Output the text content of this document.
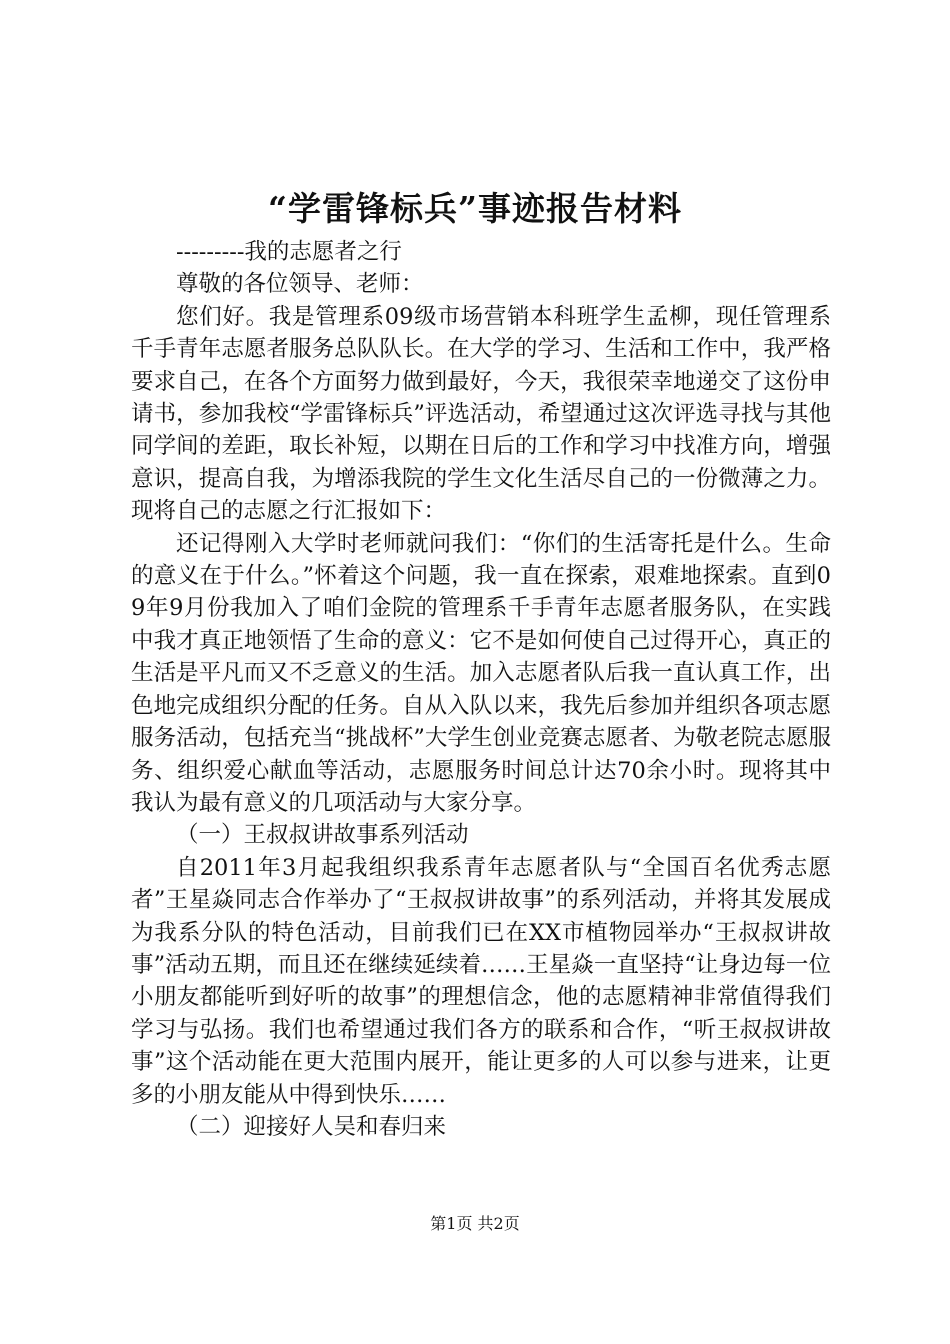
“学雷锋标兵”事迹报告材料

---------我的志愿者之行

尊敬的各位领导、老师：

您们好。我是管理系09级市场营销本科班学生孟柳，现任管理系千手青年志愿者服务总队队长。在大学的学习、生活和工作中，我严格要求自己，在各个方面努力做到最好，今天，我很荣幸地递交了这份申请书，参加我校“学雷锋标兵”评选活动，希望通过这次评选寻找与其他同学间的差距，取长补短，以期在日后的工作和学习中找准方向，增强意识，提高自我，为增添我院的学生文化生活尽自己的一份微薄之力。现将自己的志愿之行汇报如下：

还记得刚入大学时老师就问我们：“你们的生活寄托是什么。生命的意义在于什么。”怀着这个问题，我一直在探索，艰难地探索。直到09年9月份我加入了咱们金院的管理系千手青年志愿者服务队，在实践中我才真正地领悟了生命的意义：它不是如何使自己过得开心，真正的生活是平凡而又不乏意义的生活。加入志愿者队后我一直认真工作，出色地完成组织分配的任务。自从入队以来，我先后参加并组织各项志愿服务活动，包括充当“挑战杯”大学生创业竞赛志愿者、为敬老院志愿服务、组织爱心献血等活动，志愿服务时间总计达70余小时。现将其中我认为最有意义的几项活动与大家分享。

（一）王叔叔讲故事系列活动

自2011年3月起我组织我系青年志愿者队与“全国百名优秀志愿者”王星焱同志合作举办了“王叔叔讲故事”的系列活动，并将其发展成为我系分队的特色活动，目前我们已在XX市植物园举办“王叔叔讲故事”活动五期，而且还在继续延续着……王星焱一直坚持“让身边每一位小朋友都能听到好听的故事”的理想信念，他的志愿精神非常值得我们学习与弘扬。我们也希望通过我们各方的联系和合作，“听王叔叔讲故事”这个活动能在更大范围内展开，能让更多的人可以参与进来，让更多的小朋友能从中得到快乐……

（二）迎接好人吴和春归来

第1页 共2页
